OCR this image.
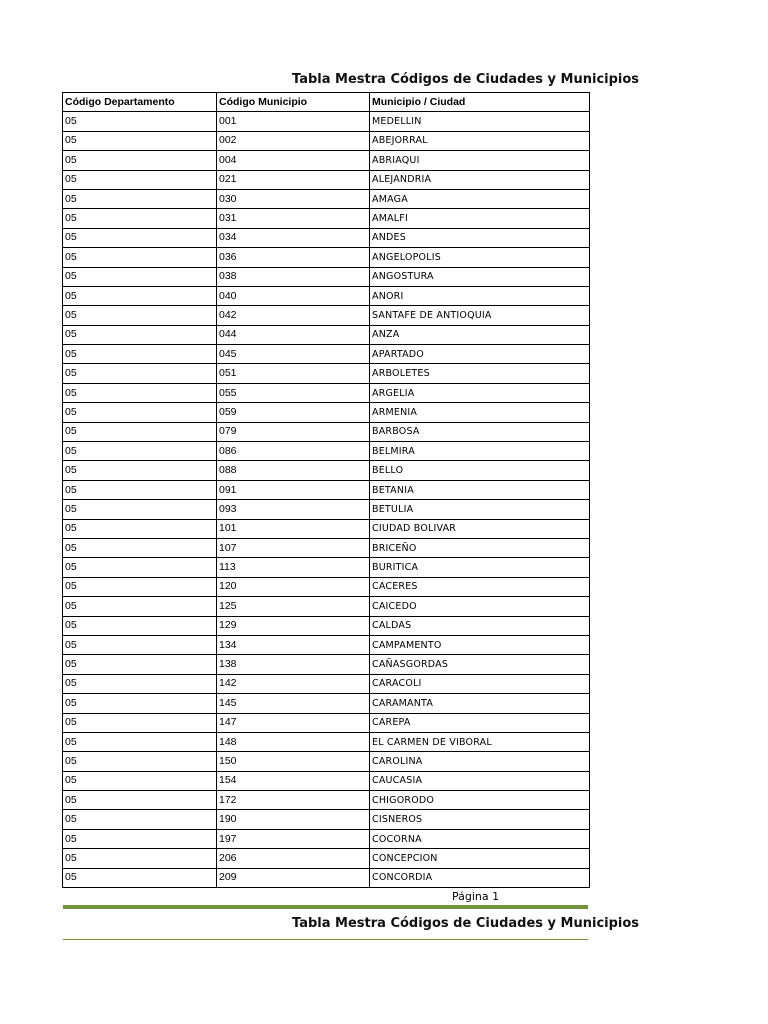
Tabla Mestra Códigos de Ciudades y Municipios
Código Departamento	Código Municipio	Municipio / Ciudad
05	001	MEDELLIN
05	002	ABEJORRAL
05	004	ABRIAQUI
05	021	ALEJANDRIA
05	030	AMAGA
05	031	AMALFI
05	034	ANDES
05	036	ANGELOPOLIS
05	038	ANGOSTURA
05	040	ANORI
05	042	SANTAFE DE ANTIOQUIA
05	044	ANZA
05	045	APARTADO
05	051	ARBOLETES
05	055	ARGELIA
05	059	ARMENIA
05	079	BARBOSA
05	086	BELMIRA
05	088	BELLO
05	091	BETANIA
05	093	BETULIA
05	101	CIUDAD BOLIVAR
05	107	BRICEÑO
05	113	BURITICA
05	120	CACERES
05	125	CAICEDO
05	129	CALDAS
05	134	CAMPAMENTO
05	138	CAÑASGORDAS
05	142	CARACOLI
05	145	CARAMANTA
05	147	CAREPA
05	148	EL CARMEN DE VIBORAL
05	150	CAROLINA
05	154	CAUCASIA
05	172	CHIGORODO
05	190	CISNEROS
05	197	COCORNA
05	206	CONCEPCION
05	209	CONCORDIA
Página 1
Tabla Mestra Códigos de Ciudades y Municipios
